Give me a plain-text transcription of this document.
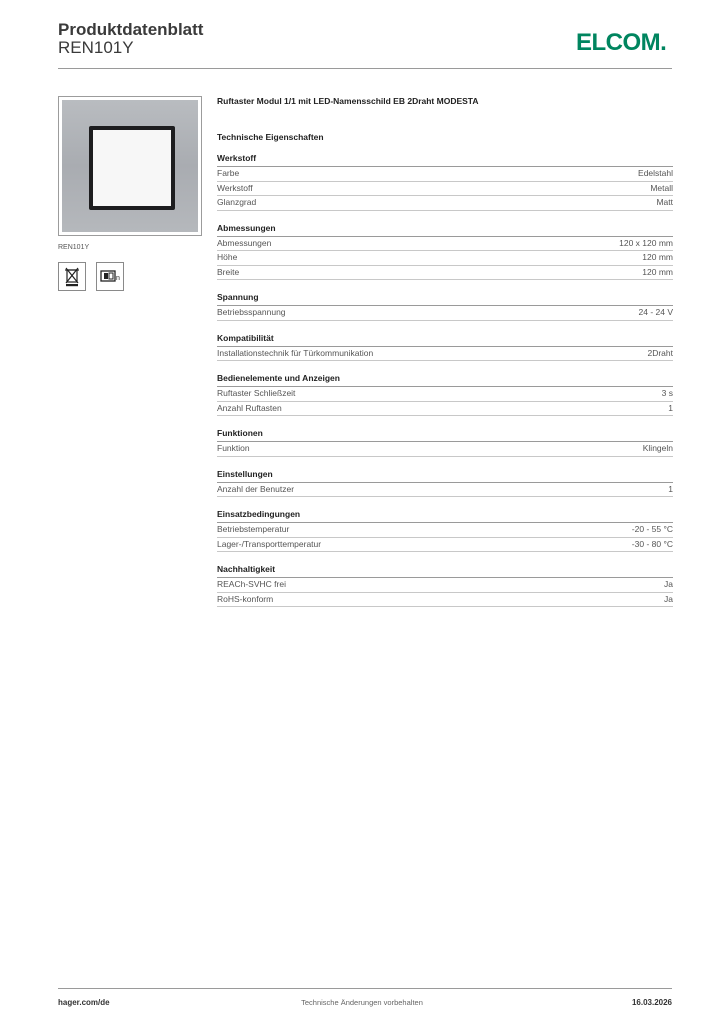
Produktdatenblatt
REN101Y	ELCOM.
REN101Y
n
Ruftaster Modul 1/1 mit LED-Namensschild EB 2Draht MODESTA
Technische Eigenschaften
Werkstoff
Farbe	Edelstahl
Werkstoff	Metall
Glanzgrad	Matt
Abmessungen
Abmessungen	120 x 120 mm
Höhe	120 mm
Breite	120 mm
Spannung
Betriebsspannung	24 - 24 V
Kompatibilität
Installationstechnik für Türkommunikation	2Draht
Bedienelemente und Anzeigen
Ruftaster Schließzeit	3 s
Anzahl Ruftasten	1
Funktionen
Funktion	Klingeln
Einstellungen
Anzahl der Benutzer	1
Einsatzbedingungen
Betriebstemperatur	-20 - 55 °C
Lager-/Transporttemperatur	-30 - 80 °C
Nachhaltigkeit
REACh-SVHC frei	Ja
RoHS-konform	Ja
hager.com/de	Technische Änderungen vorbehalten	16.03.2026
